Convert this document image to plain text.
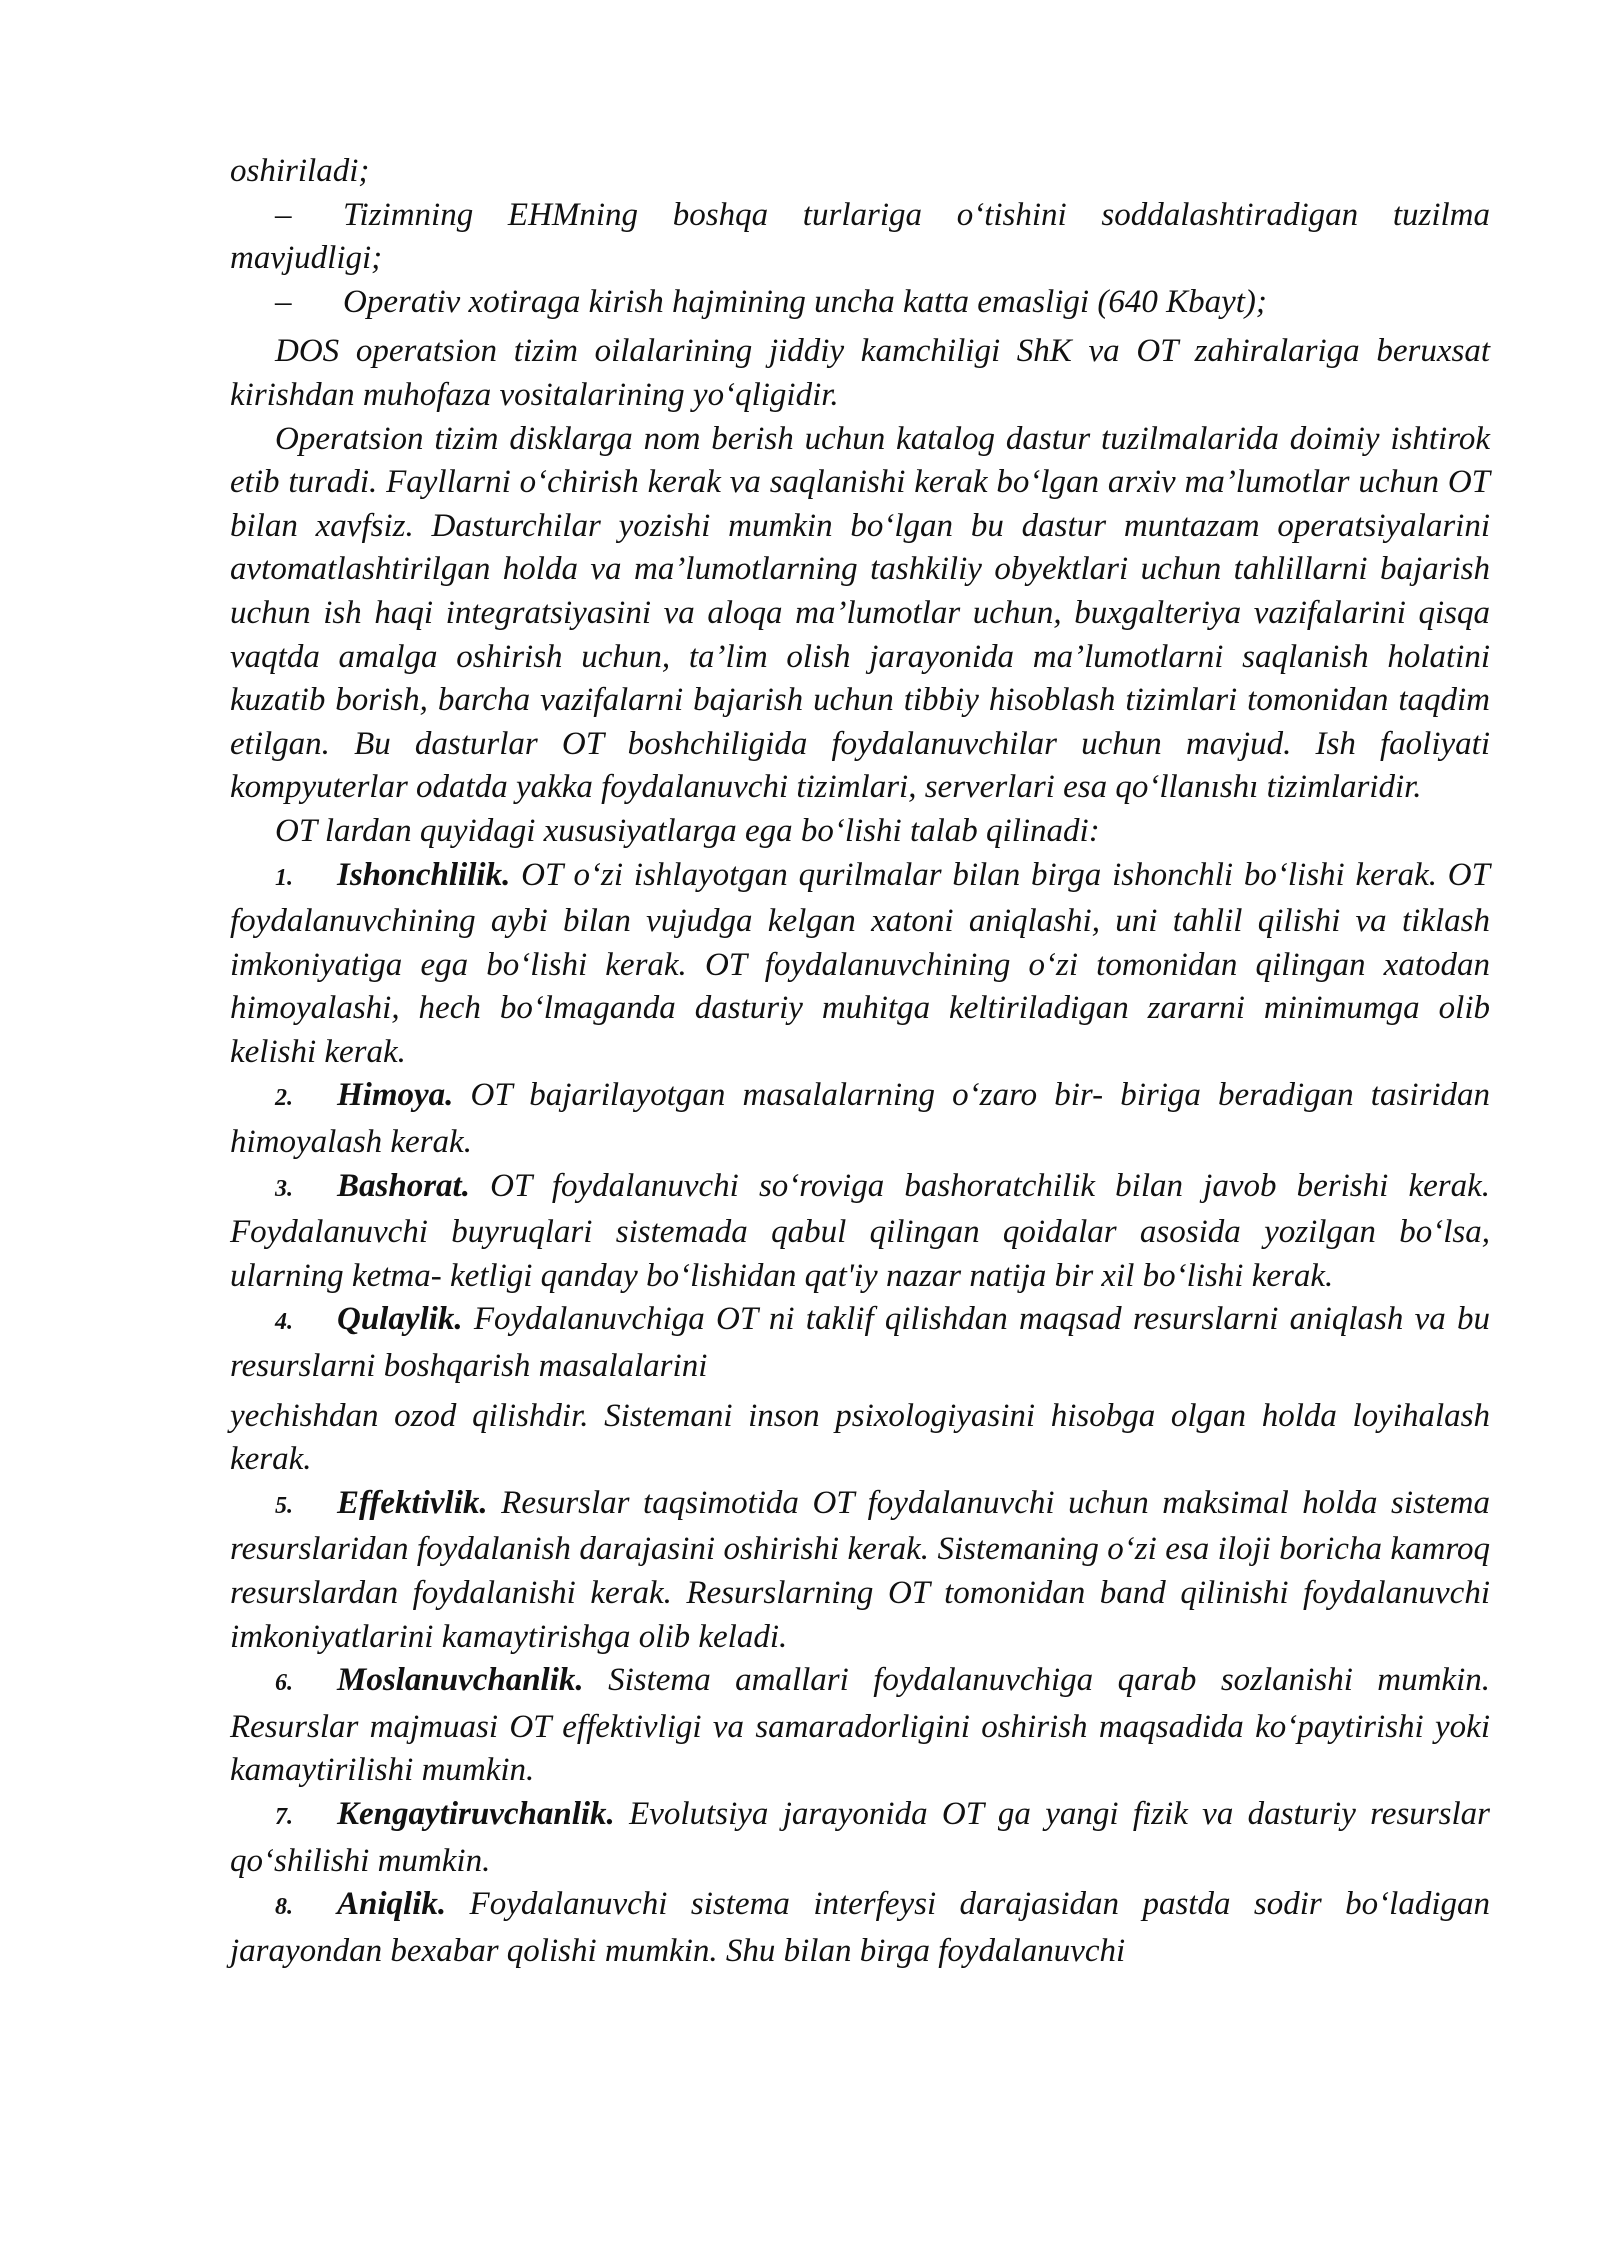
oshiriladi;

– Tizimning EHMning boshqa turlariga o‘tishini soddalashtiradigan tuzilma mavjudligi;

– Operativ xotiraga kirish hajmining uncha katta emasligi (640 Kbayt);

DOS operatsion tizim oilalarining jiddiy kamchiligi ShK va OT zahiralariga beruxsat kirishdan muhofaza vositalarining yo‘qligidir.

Operatsion tizim disklarga nom berish uchun katalog dastur tuzilmalarida doimiy ishtirok etib turadi. Fayllarni o‘chirish kerak va saqlanishi kerak bo‘lgan arxiv ma’lumotlar uchun OT bilan xavfsiz. Dasturchilar yozishi mumkin bo‘lgan bu dastur muntazam operatsiyalarini avtomatlashtirilgan holda va ma’lumotlarning tashkiliy obyektlari uchun tahlillarni bajarish uchun ish haqi integratsiyasini va aloqa ma’lumotlar uchun, buxgalteriya vazifalarini qisqa vaqtda amalga oshirish uchun, ta’lim olish jarayonida ma’lumotlarni saqlanish holatini kuzatib borish, barcha vazifalarni bajarish uchun tibbiy hisoblash tizimlari tomonidan taqdim etilgan. Bu dasturlar OT boshchiligida foydalanuvchilar uchun mavjud. Ish faoliyati kompyuterlar odatda yakka foydalanuvchi tizimlari, serverlari esa qo‘llanıshı tizimlaridir.

OT lardan quyidagi xususiyatlarga ega bo‘lishi talab qilinadi:

1. Ishonchlilik. OT o‘zi ishlayotgan qurilmalar bilan birga ishonchli bo‘lishi kerak. OT foydalanuvchining aybi bilan vujudga kelgan xatoni aniqlashi, uni tahlil qilishi va tiklash imkoniyatiga ega bo‘lishi kerak. OT foydalanuvchining o‘zi tomonidan qilingan xatodan himoyalashi, hech bo‘lmaganda dasturiy muhitga keltiriladigan zararni minimumga olib kelishi kerak.

2. Himoya. OT bajarilayotgan masalalarning o‘zaro bir- biriga beradigan tasiridan himoyalash kerak.

3. Bashorat. OT foydalanuvchi so‘roviga bashoratchilik bilan javob berishi kerak. Foydalanuvchi buyruqlari sistemada qabul qilingan qoidalar asosida yozilgan bo‘lsa, ularning ketma- ketligi qanday bo‘lishidan qat'iy nazar natija bir xil bo‘lishi kerak.

4. Qulaylik. Foydalanuvchiga OT ni taklif qilishdan maqsad resurslarni aniqlash va bu resurslarni boshqarish masalalarini

yechishdan ozod qilishdir. Sistemani inson psixologiyasini hisobga olgan holda loyihalash kerak.

5. Effektivlik. Resurslar taqsimotida OT foydalanuvchi uchun maksimal holda sistema resurslaridan foydalanish darajasini oshirishi kerak. Sistemaning o‘zi esa iloji boricha kamroq resurslardan foydalanishi kerak. Resurslarning OT tomonidan band qilinishi foydalanuvchi imkoniyatlarini kamaytirishga olib keladi.

6. Moslanuvchanlik. Sistema amallari foydalanuvchiga qarab sozlanishi mumkin. Resurslar majmuasi OT effektivligi va samaradorligini oshirish maqsadida ko‘paytirishi yoki kamaytirilishi mumkin.

7. Kengaytiruvchanlik. Evolutsiya jarayonida OT ga yangi fizik va dasturiy resurslar qo‘shilishi mumkin.

8. Aniqlik. Foydalanuvchi sistema interfeysi darajasidan pastda sodir bo‘ladigan jarayondan bexabar qolishi mumkin. Shu bilan birga foydalanuvchi
